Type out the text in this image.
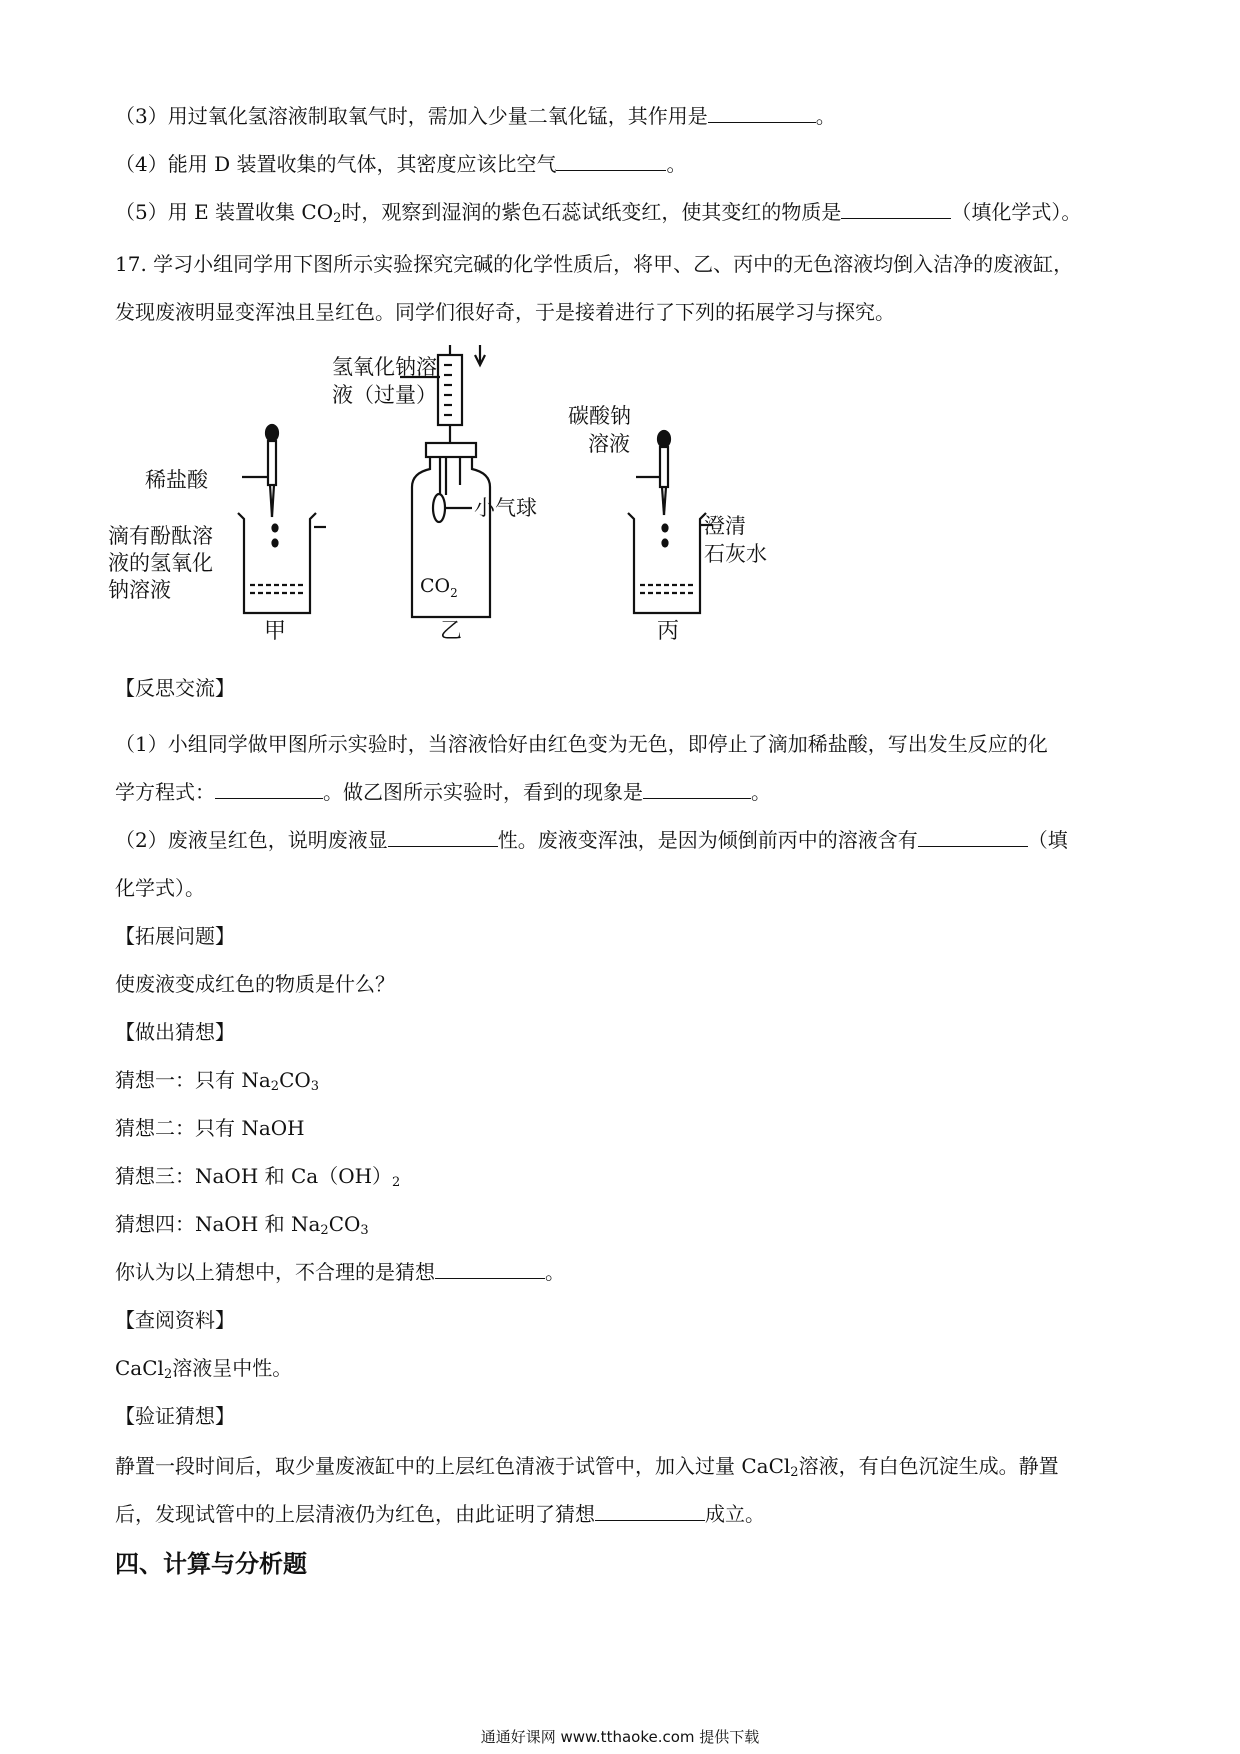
（3）用过氧化氢溶液制取氧气时，需加入少量二氧化锰，其作用是	。
（4）能用 D 装置收集的气体，其密度应该比空气	。
（5）用 E 装置收集 $CO_2$时，观察到湿润的紫色石蕊试纸变红，使其变红的物质是	（填化学式）。
17. 学习小组同学用下图所示实验探究完碱的化学性质后，将甲、乙、丙中的无色溶液均倒入洁净的废液缸，
发现废液明显变浑浊且呈红色。同学们很好奇，于是接着进行了下列的拓展学习与探究。
稀盐酸
滴有酚酞溶
液的氢氧化
钠溶液
甲
氢氧化钠溶
液（过量）
小气球
$CO_2$
乙
碳酸钠
溶液
澄清
石灰水
丙
【反思交流】
（1）小组同学做甲图所示实验时，当溶液恰好由红色变为无色，即停止了滴加稀盐酸，写出发生反应的化
学方程式：	。做乙图所示实验时，看到的现象是	。
（2）废液呈红色，说明废液显	性。废液变浑浊，是因为倾倒前丙中的溶液含有	（填
化学式）。
【拓展问题】
使废液变成红色的物质是什么？
【做出猜想】
猜想一：只有 $Na_2CO_3$
猜想二：只有 NaOH
猜想三：NaOH 和 $Ca(OH)_2$
猜想四：NaOH 和 $Na_2CO_3$
你认为以上猜想中，不合理的是猜想	。
【查阅资料】
CaCl$_2$溶液呈中性。
【验证猜想】
静置一段时间后，取少量废液缸中的上层红色清液于试管中，加入过量 CaCl$_2$溶液，有白色沉淀生成。静置
后，发现试管中的上层清液仍为红色，由此证明了猜想	成立。
四、计算与分析题
通通好课网 www.tthaoke.com 提供下载
